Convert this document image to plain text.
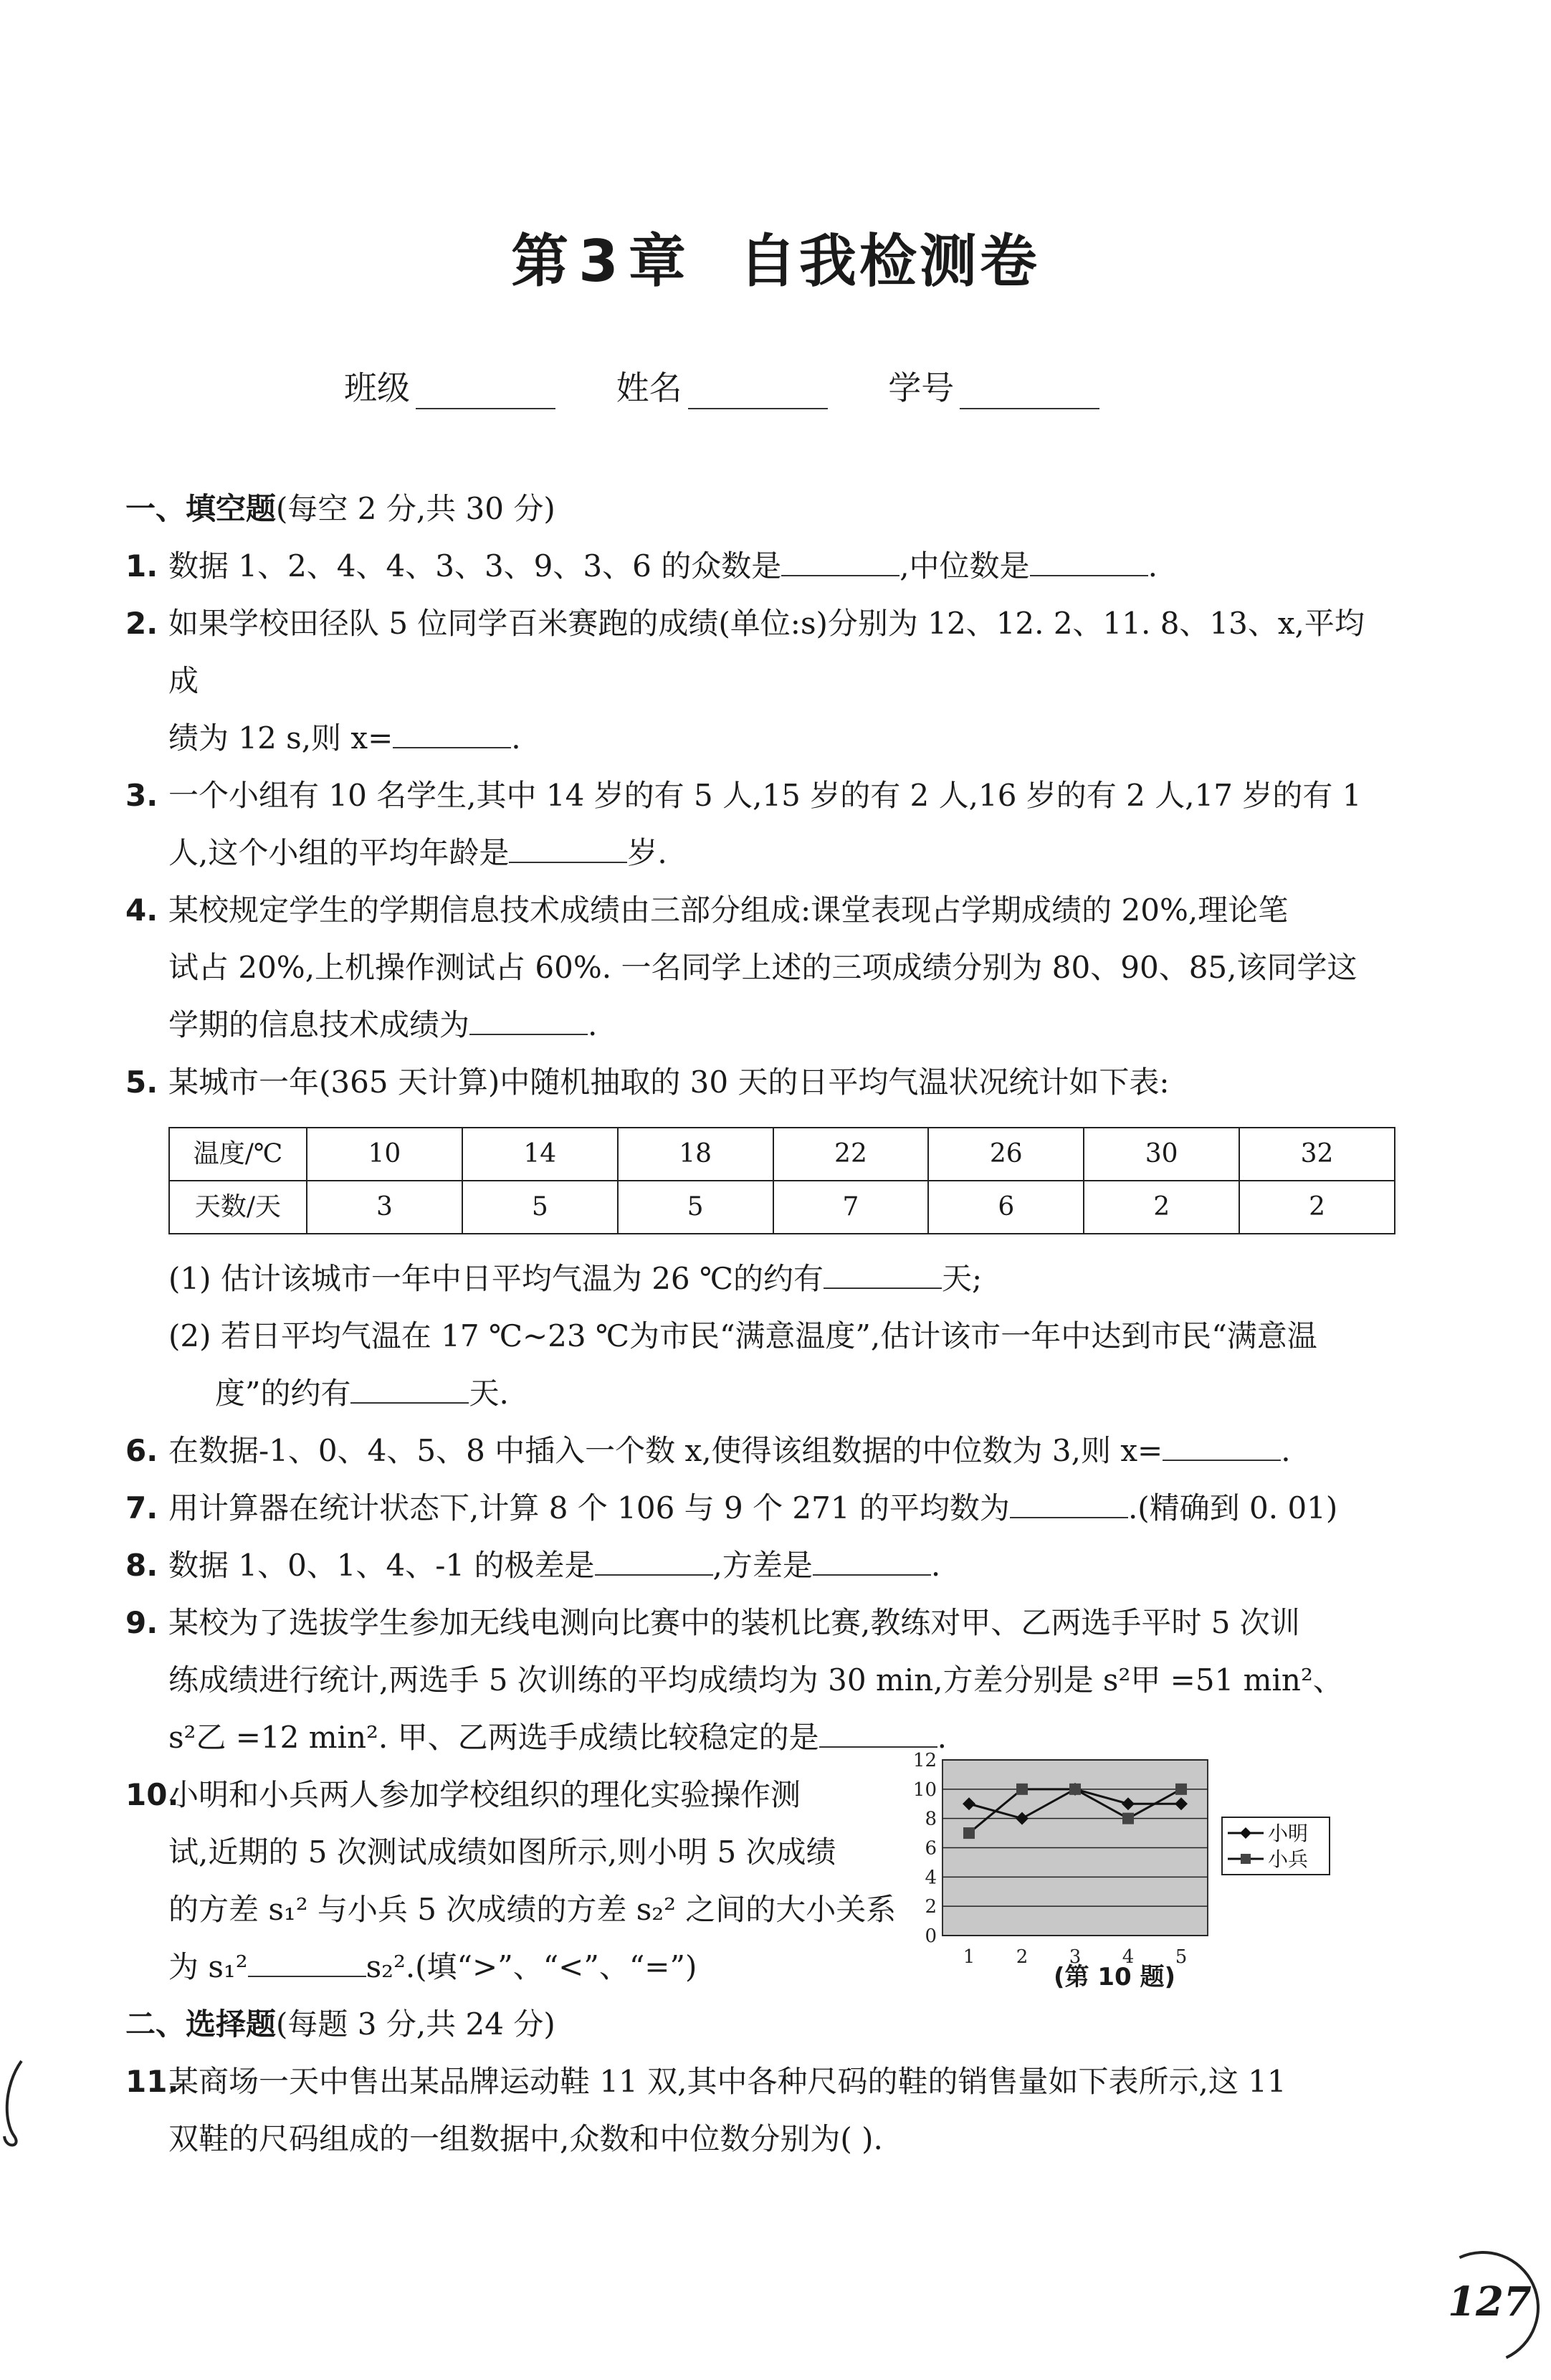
第 3 章 自我检测卷
班级	姓名	学号
一、填空题(每空 2 分,共 30 分)
1. 数据 1、2、4、4、3、3、9、3、6 的众数是	,中位数是	.
2. 如果学校田径队 5 位同学百米赛跑的成绩(单位:s)分别为 12、12. 2、11. 8、13、x,平均成
绩为 12 s,则 x=	.
3. 一个小组有 10 名学生,其中 14 岁的有 5 人,15 岁的有 2 人,16 岁的有 2 人,17 岁的有 1
人,这个小组的平均年龄是	岁.
4. 某校规定学生的学期信息技术成绩由三部分组成:课堂表现占学期成绩的 20%,理论笔
试占 20%,上机操作测试占 60%. 一名同学上述的三项成绩分别为 80、90、85,该同学这
学期的信息技术成绩为	.
5. 某城市一年(365 天计算)中随机抽取的 30 天的日平均气温状况统计如下表:
温度/℃	10	14	18	22	26	30	32
天数/天	3	5	5	7	6	2	2
(1) 估计该城市一年中日平均气温为 26 ℃的约有	天;
(2) 若日平均气温在 17 ℃~23 ℃为市民“满意温度”,估计该市一年中达到市民“满意温
度”的约有	天.
6. 在数据-1、0、4、5、8 中插入一个数 x,使得该组数据的中位数为 3,则 x=	.
7. 用计算器在统计状态下,计算 8 个 106 与 9 个 271 的平均数为	.(精确到 0. 01)
8. 数据 1、0、1、4、-1 的极差是	,方差是	.
9. 某校为了选拔学生参加无线电测向比赛中的装机比赛,教练对甲、乙两选手平时 5 次训
练成绩进行统计,两选手 5 次训练的平均成绩均为 30 min,方差分别是 s²甲 =51 min²、
s²乙 =12 min². 甲、乙两选手成绩比较稳定的是	.
10.
小明和小兵两人参加学校组织的理化实验操作测
试,近期的 5 次测试成绩如图所示,则小明 5 次成绩
的方差 s₁² 与小兵 5 次成绩的方差 s₂² 之间的大小关系
为 s₁²	s₂².(填“>”、“<”、“=”)
二、选择题(每题 3 分,共 24 分)
11.
某商场一天中售出某品牌运动鞋 11 双,其中各种尺码的鞋的销售量如下表所示,这 11
双鞋的尺码组成的一组数据中,众数和中位数分别为( ).
0
2
4
6
8
10
12
1 2 3 4 5
小明
小兵
(第 10 题)
127
